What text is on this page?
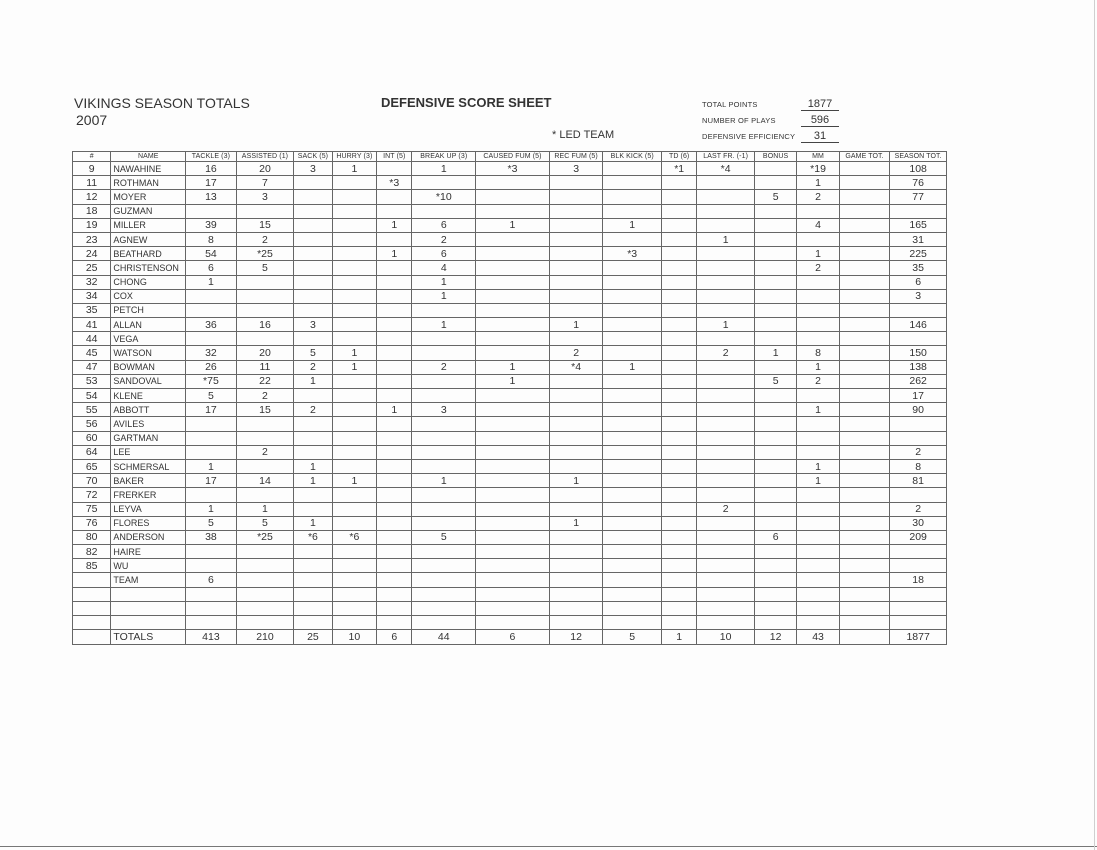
VIKINGS SEASON TOTALS
2007
DEFENSIVE SCORE SHEET
* LED TEAM
TOTAL POINTS	1877
NUMBER OF PLAYS	596
DEFENSIVE EFFICIENCY	31
#	NAME	TACKLE (3)	ASSISTED (1)	SACK (5)	HURRY (3)	INT (5)	BREAK UP (3)	CAUSED FUM (5)	REC FUM (5)	BLK KICK (5)	TD (6)	LAST FR. (-1)	BONUS	MM	GAME TOT.	SEASON TOT.
9	NAWAHINE	16	20	3	1		1	*3	3		*1	*4		*19		108
11	ROTHMAN	17	7			*3								1		76
12	MOYER	13	3				*10						5	2		77
18	GUZMAN															
19	MILLER	39	15			1	6	1		1				4		165
23	AGNEW	8	2				2					1				31
24	BEATHARD	54	*25			1	6			*3				1		225
25	CHRISTENSON	6	5				4							2		35
32	CHONG	1					1									6
34	COX						1									3
35	PETCH															
41	ALLAN	36	16	3			1		1			1				146
44	VEGA															
45	WATSON	32	20	5	1				2			2	1	8		150
47	BOWMAN	26	11	2	1		2	1	*4	1				1		138
53	SANDOVAL	*75	22	1				1					5	2		262
54	KLENE	5	2													17
55	ABBOTT	17	15	2		1	3							1		90
56	AVILES															
60	GARTMAN															
64	LEE		2													2
65	SCHMERSAL	1		1										1		8
70	BAKER	17	14	1	1		1		1					1		81
72	FRERKER															
75	LEYVA	1	1									2				2
76	FLORES	5	5	1					1							30
80	ANDERSON	38	*25	*6	*6		5						6			209
82	HAIRE															
85	WU															
	TEAM	6														18

	TOTALS	413	210	25	10	6	44	6	12	5	1	10	12	43		1877
